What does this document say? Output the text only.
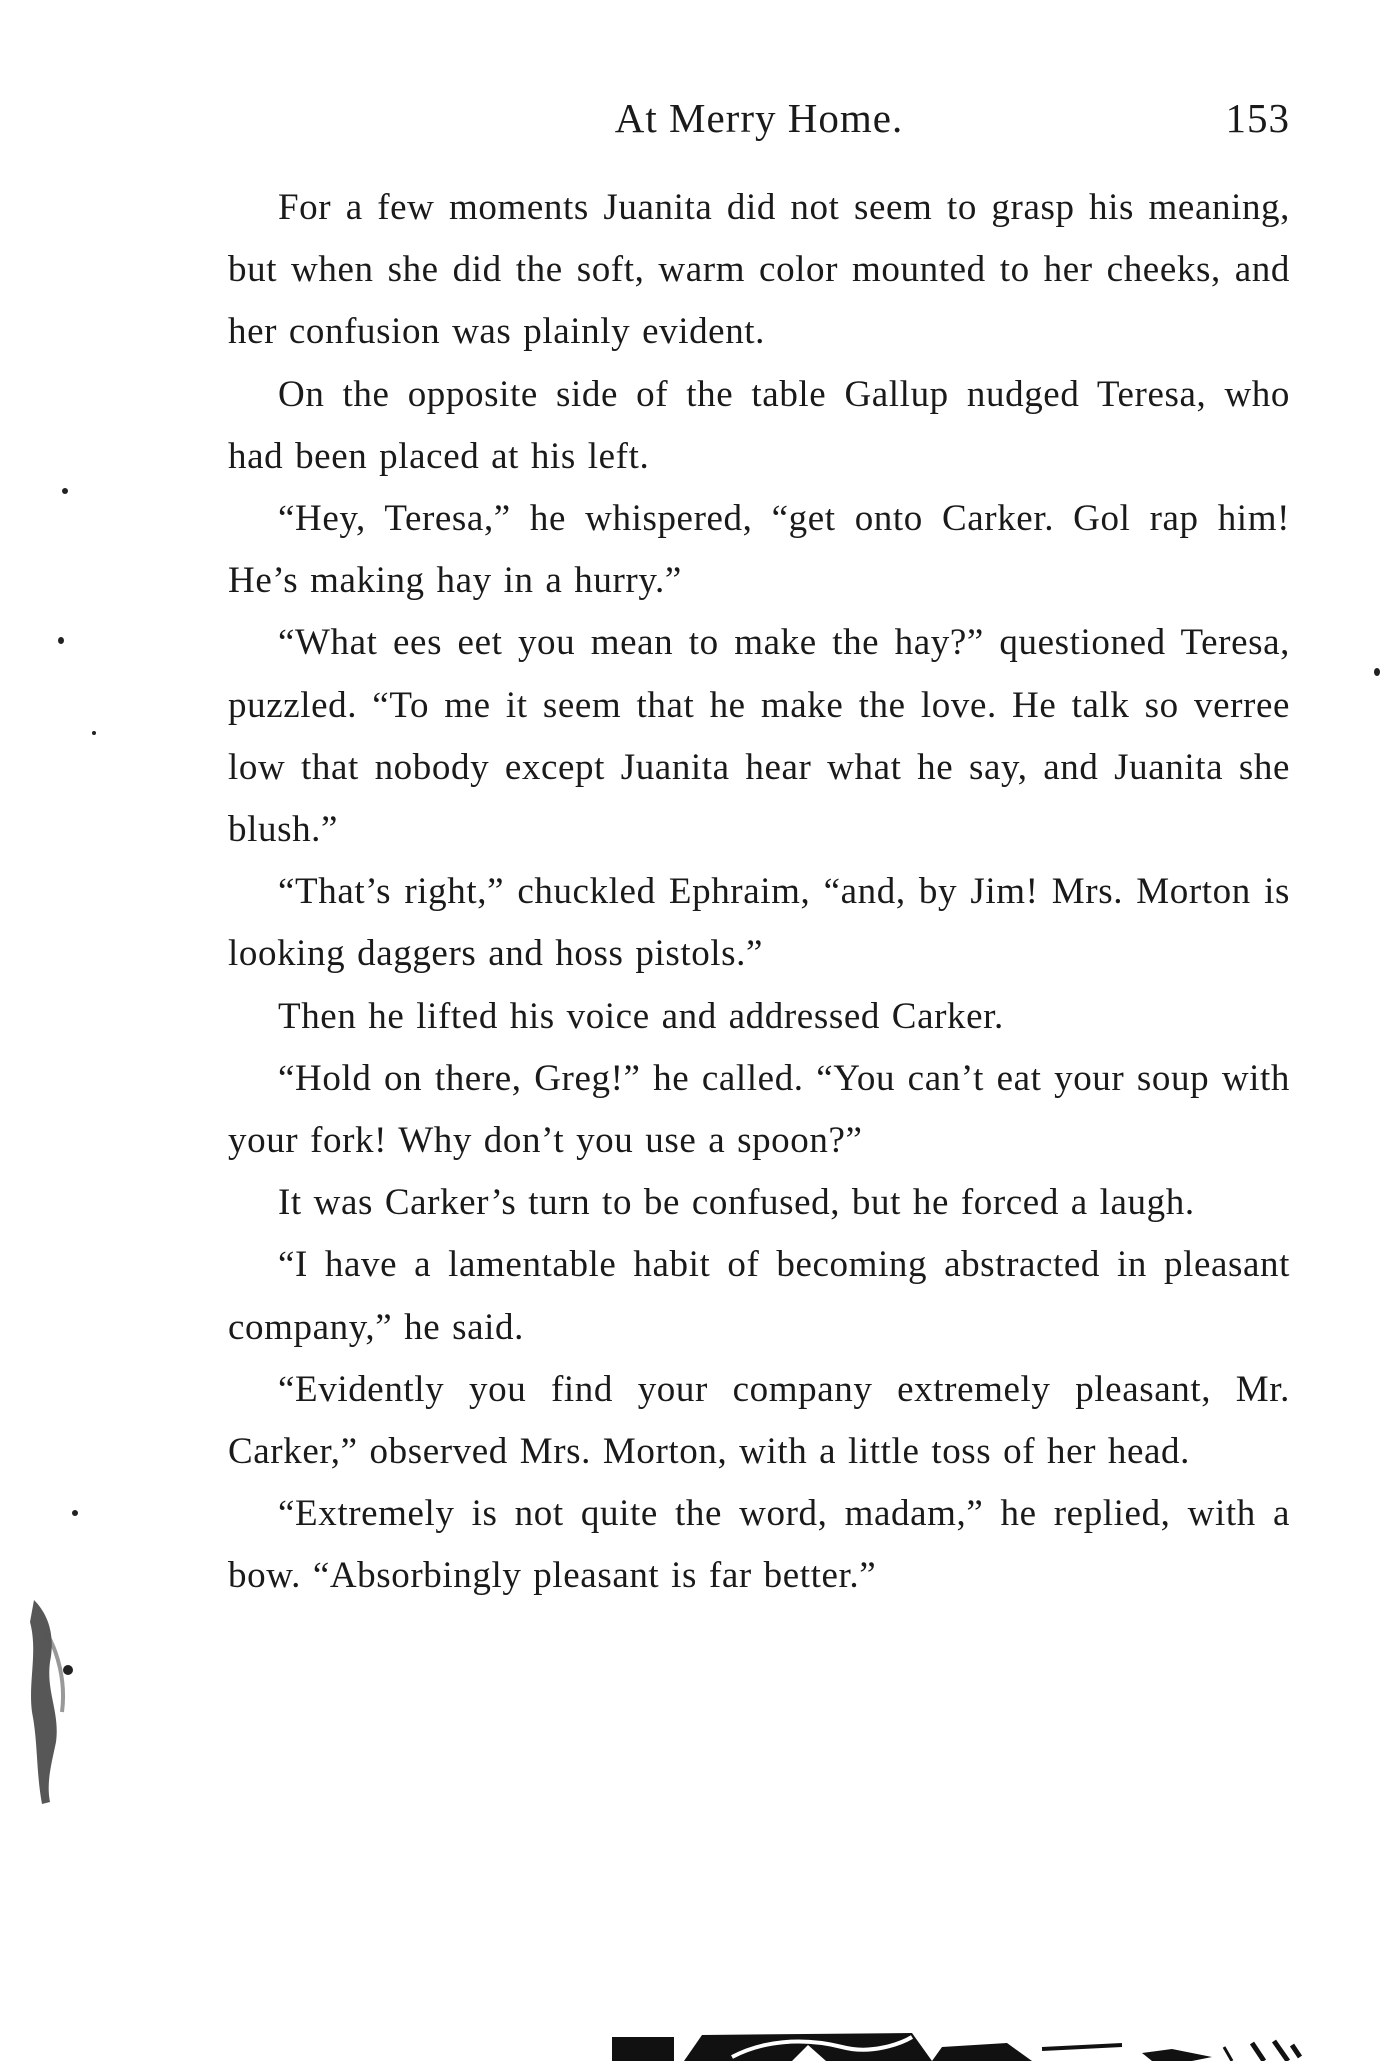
At Merry Home.	153

For a few moments Juanita did not seem to grasp his meaning, but when she did the soft, warm color mounted to her cheeks, and her confusion was plainly evident.

On the opposite side of the table Gallup nudged Teresa, who had been placed at his left.

“Hey, Teresa,” he whispered, “get onto Carker. Gol rap him! He’s making hay in a hurry.”

“What ees eet you mean to make the hay?” questioned Teresa, puzzled. “To me it seem that he make the love. He talk so verree low that nobody except Juanita hear what he say, and Juanita she blush.”

“That’s right,” chuckled Ephraim, “and, by Jim! Mrs. Morton is looking daggers and hoss pistols.”

Then he lifted his voice and addressed Carker.

“Hold on there, Greg!” he called. “You can’t eat your soup with your fork! Why don’t you use a spoon?”

It was Carker’s turn to be confused, but he forced a laugh.

“I have a lamentable habit of becoming abstracted in pleasant company,” he said.

“Evidently you find your company extremely pleasant, Mr. Carker,” observed Mrs. Morton, with a little toss of her head.

“Extremely is not quite the word, madam,” he replied, with a bow. “Absorbingly pleasant is far better.”
